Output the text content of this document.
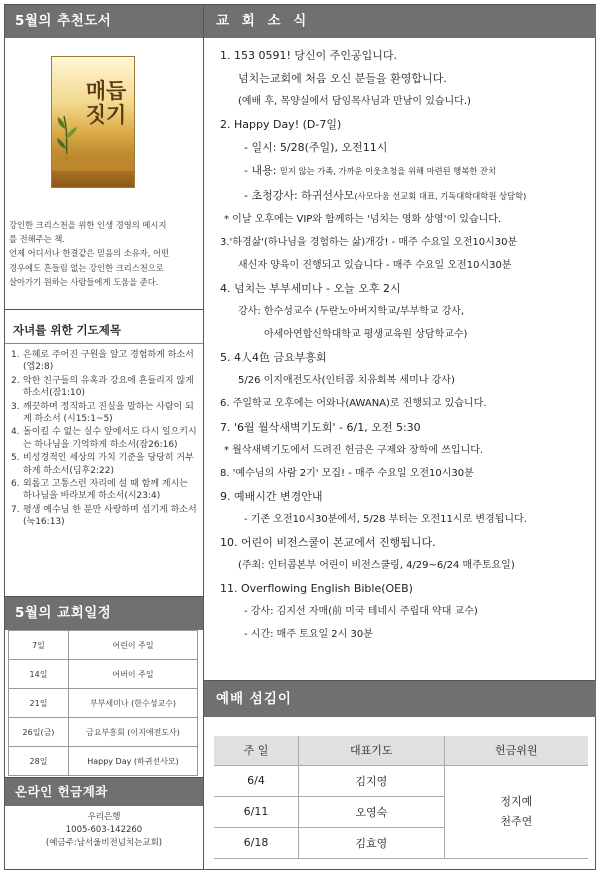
5월의 추천도서
매듭짓기
강인한 크리스천을 위한 인생 경영의 메시지
를 전해주는 책.
언제 어디서나 한결같은 믿음의 소유자, 어떤
경우에도 흔들림 없는 강인한 크리스천으로
살아가기 원하는 사람들에게 도움을 준다.
자녀를 위한 기도제목
1. 은혜로 주어진 구원을 알고 경험하게 하소서(엡2:8)
2. 악한 친구들의 유혹과 강요에 흔들리지 않게 하소서(잠1:10)
3. 깨끗하며 정직하고 진실을 말하는 사람이 되게 하소서 (시15:1~5)
4. 돌이킬 수 없는 실수 앞에서도 다시 일으키시는 하나님을 기억하게 하소서(잠26:16)
5. 비성경적인 세상의 가치 기준을 당당히 거부하게 하소서(딤후2:22)
6. 외롭고 고통스런 자리에 설 때 함께 계시는 하나님을 바라보게 하소서(시23:4)
7. 평생 예수님 한 분만 사랑하며 섬기게 하소서(눅16:13)
5월의 교회일정
7일	어린이 주일
14일	어버이 주일
21일	부부세미나 (한수성교수)
26일(금)	금요부흥회 (이지애전도사)
28일	Happy Day (하귀선사모)
온라인 헌금계좌
우리은행
1005-603-142260
(예금주:남서울비전넘치는교회)
교 회 소 식
1. 153 0591! 당신이 주인공입니다.
넘치는교회에 처음 오신 분들을 환영합니다.
(예배 후, 목양실에서 담임목사님과 만남이 있습니다.)
2. Happy Day! (D-7일)
- 일시: 5/28(주일), 오전11시
- 내용: 믿지 않는 가족, 가까운 이웃초청을 위해 마련된 행복한 잔치
- 초청강사: 하귀선사모(사모다움 선교회 대표, 기독대학대학원 상담학)
* 이날 오후에는 VIP와 함께하는 '넘치는 영화 상영'이 있습니다.
3.'하경삶'(하나님을 경험하는 삶)개강! - 매주 수요일 오전10시30분
새신자 양육이 진행되고 있습니다 - 매주 수요일 오전10시30분
4. 넘치는 부부세미나 - 오늘 오후 2시
강사: 한수성교수 (두란노아버지학교/부부학교 강사,
아세아연합신학대학교 평생교육원 상담학교수)
5. 4人4色 금요부흥회
5/26 이지애전도사(인터콥 치유회복 세미나 강사)
6. 주일학교 오후에는 어와나(AWANA)로 진행되고 있습니다.
7. '6월 월삭새벽기도회' - 6/1, 오전 5:30
* 월삭새벽기도에서 드려진 헌금은 구제와 장학에 쓰입니다.
8. '예수님의 사람 2기' 모집! - 매주 수요일 오전10시30분
9. 예배시간 변경안내
- 기존 오전10시30분에서, 5/28 부터는 오전11시로 변경됩니다.
10. 어린이 비전스쿨이 본교에서 진행됩니다.
(주최: 인터콥본부 어린이 비전스쿨링, 4/29~6/24 매주토요일)
11. Overflowing English Bible(OEB)
- 강사: 김지선 자매(前 미국 테네시 주립대 약대 교수)
- 시간: 매주 토요일 2시 30분
예배 섬김이
주 일	대표기도	헌금위원
6/4	김지영	정지예
천주연

6/11	오영숙	
6/18	김효영	
